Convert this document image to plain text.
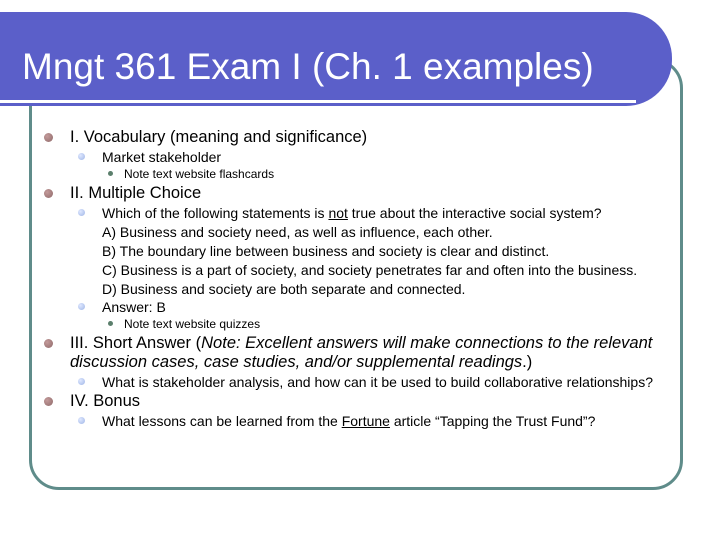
Mngt 361 Exam I (Ch. 1 examples)
I. Vocabulary (meaning and significance)
Market stakeholder
Note text website flashcards
II. Multiple Choice
Which of the following statements is not true about the interactive social system?
A) Business and society need, as well as influence, each other.
B) The boundary line between business and society is clear and distinct.
C) Business is a part of society, and society penetrates far and often into the business.
D) Business and society are both separate and connected.
Answer: B
Note text website quizzes
III. Short Answer (Note: Excellent answers will make connections to the relevant discussion cases, case studies, and/or supplemental readings.)
What is stakeholder analysis, and how can it be used to build collaborative relationships?
IV. Bonus
What lessons can be learned from the Fortune article “Tapping the Trust Fund”?
